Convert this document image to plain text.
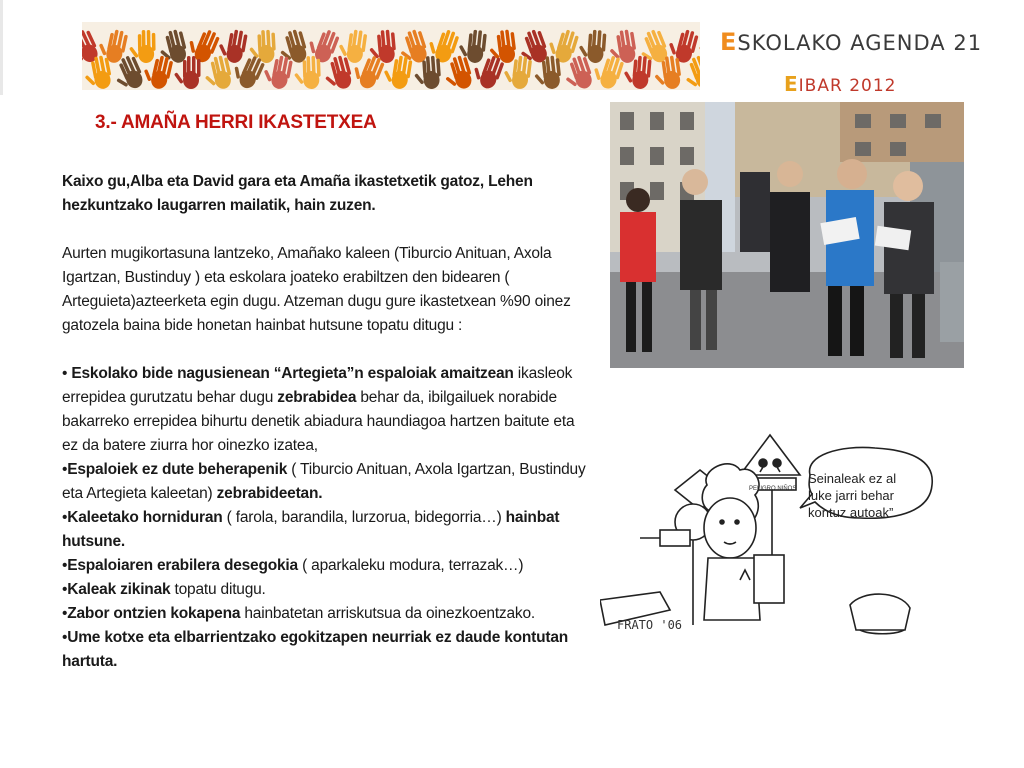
ESKOLAKO AGENDA 21
EIBAR 2012
3.- AMAÑA HERRI IKASTETXEA

Kaixo gu,Alba eta David gara eta Amaña ikastetxetik gatoz, Lehen hezkuntzako laugarren mailatik, hain zuzen.

Aurten mugikortasuna lantzeko, Amañako kaleen (Tiburcio Anituan, Axola Igartzan, Bustinduy ) eta eskolara joateko erabiltzen den bidearen ( Arteguieta)azteerketa egin dugu. Atzeman dugu gure ikastetxean %90 oinez gatozela baina bide honetan hainbat hutsune topatu ditugu :

• Eskolako bide nagusienean “Artegieta”n espaloiak amaitzean ikasleok errepidea gurutzatu behar dugu zebrabidea behar da, ibilgailuek norabide bakarreko errepidea bihurtu denetik abiadura haundiagoa hartzen baitute eta ez da batere ziurra hor oinezko izatea,

•Espaloiek ez dute beherapenik ( Tiburcio Anituan, Axola Igartzan, Bustinduy eta Artegieta kaleetan) zebrabideetan.

•Kaleetako horniduran ( farola, barandila, lurzorua, bidegorria…) hainbat hutsune.

•Espaloiaren erabilera desegokia ( aparkaleku modura, terrazak…)

•Kaleak zikinak topatu ditugu.

•Zabor ontzien kokapena hainbatetan arriskutsua da oinezkoentzako.

•Ume kotxe eta elbarrientzako egokitzapen neurriak ez daude kontutan hartuta.

PELIGRO NIÑOS
Seinaleak ez al
luke jarri behar
kontuz autoak”
FRATO '06
